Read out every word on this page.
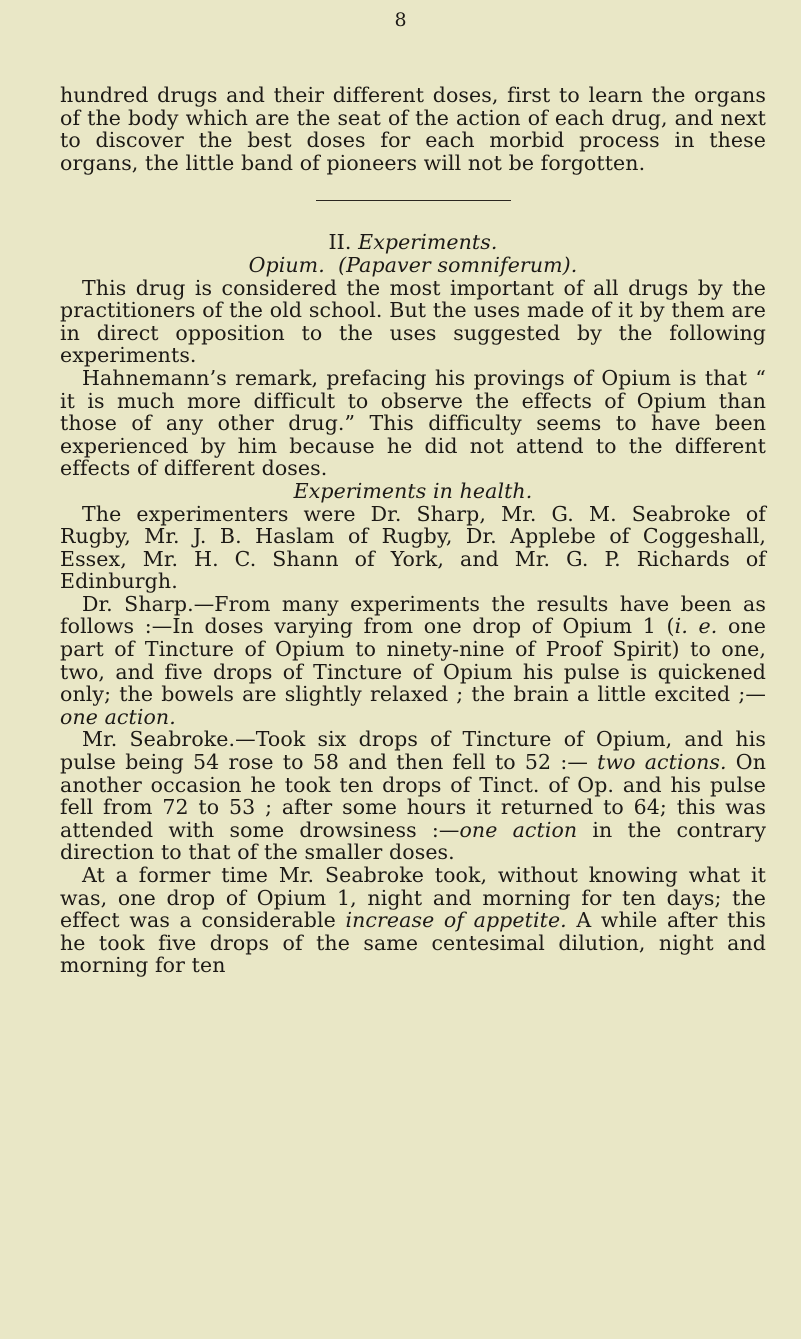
8

hundred drugs and their different doses, first to learn the organs of the body which are the seat of the action of each drug, and next to discover the best doses for each morbid process in these organs, the little band of pioneers will not be forgotten.

II. Experiments.

Opium. (Papaver somniferum).

This drug is considered the most important of all drugs by the practitioners of the old school. But the uses made of it by them are in direct opposition to the uses suggested by the following experiments.

Hahnemann’s remark, prefacing his provings of Opium is that “ it is much more difficult to observe the effects of Opium than those of any other drug.” This difficulty seems to have been experienced by him because he did not attend to the different effects of different doses.

Experiments in health.

The experimenters were Dr. Sharp, Mr. G. M. Seabroke of Rugby, Mr. J. B. Haslam of Rugby, Dr. Applebe of Coggeshall, Essex, Mr. H. C. Shann of York, and Mr. G. P. Richards of Edinburgh.

Dr. Sharp.—From many experiments the results have been as follows :—In doses varying from one drop of Opium 1 (i. e. one part of Tincture of Opium to ninety-nine of Proof Spirit) to one, two, and five drops of Tincture of Opium his pulse is quickened only; the bowels are slightly relaxed ; the brain a little excited ;—one action.

Mr. Seabroke.—Took six drops of Tincture of Opium, and his pulse being 54 rose to 58 and then fell to 52 :— two actions. On another occasion he took ten drops of Tinct. of Op. and his pulse fell from 72 to 53 ; after some hours it returned to 64; this was attended with some drowsiness :—one action in the contrary direction to that of the smaller doses.

At a former time Mr. Seabroke took, without knowing what it was, one drop of Opium 1, night and morning for ten days; the effect was a considerable increase of appetite. A while after this he took five drops of the same centesimal dilution, night and morning for ten
